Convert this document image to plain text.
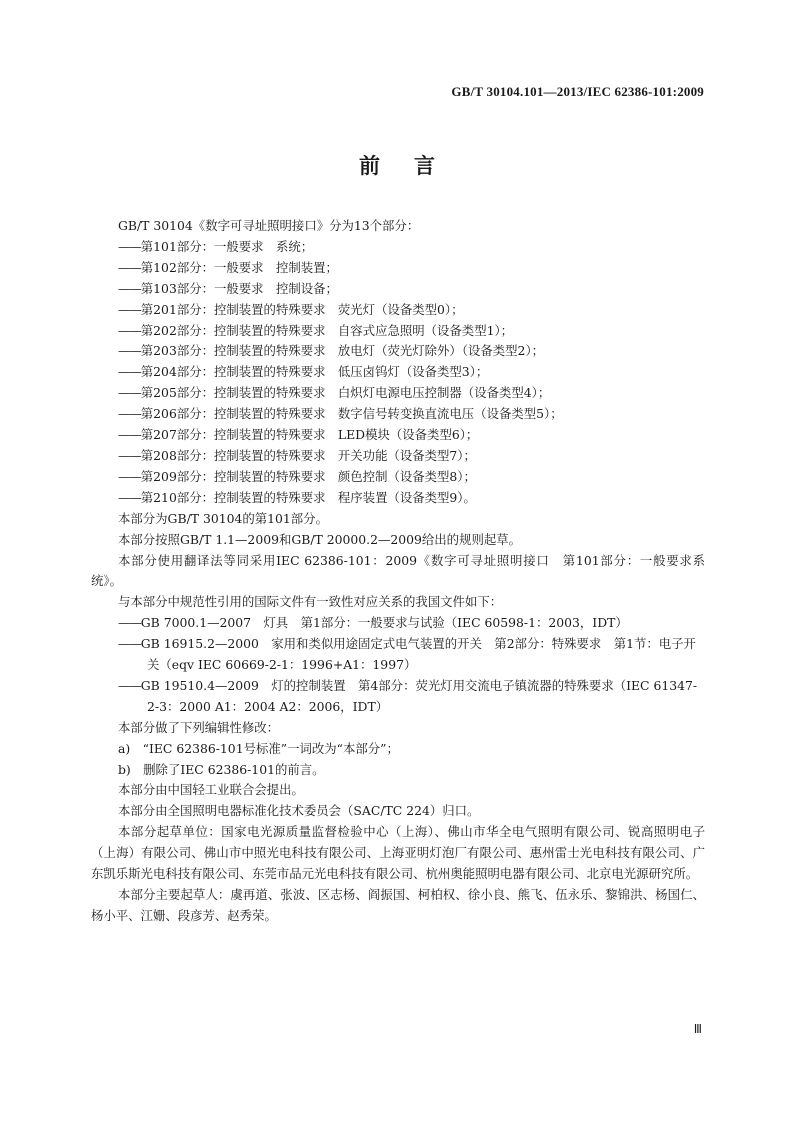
GB/T 30104.101—2013/IEC 62386-101:2009
前言

GB/T 30104《数字可寻址照明接口》分为13个部分：

——第101部分：一般要求　系统；

——第102部分：一般要求　控制装置；

——第103部分：一般要求　控制设备；

——第201部分：控制装置的特殊要求　荧光灯（设备类型0）；

——第202部分：控制装置的特殊要求　自容式应急照明（设备类型1）；

——第203部分：控制装置的特殊要求　放电灯（荧光灯除外）（设备类型2）；

——第204部分：控制装置的特殊要求　低压卤钨灯（设备类型3）；

——第205部分：控制装置的特殊要求　白炽灯电源电压控制器（设备类型4）；

——第206部分：控制装置的特殊要求　数字信号转变换直流电压（设备类型5）；

——第207部分：控制装置的特殊要求　LED模块（设备类型6）；

——第208部分：控制装置的特殊要求　开关功能（设备类型7）；

——第209部分：控制装置的特殊要求　颜色控制（设备类型8）；

——第210部分：控制装置的特殊要求　程序装置（设备类型9）。

本部分为GB/T 30104的第101部分。

本部分按照GB/T 1.1—2009和GB/T 20000.2—2009给出的规则起草。

本部分使用翻译法等同采用IEC 62386-101：2009《数字可寻址照明接口　第101部分：一般要求系统》。

与本部分中规范性引用的国际文件有一致性对应关系的我国文件如下：

——GB 7000.1—2007　灯具　第1部分：一般要求与试验（IEC 60598-1：2003，IDT）

——GB 16915.2—2000　家用和类似用途固定式电气装置的开关　第2部分：特殊要求　第1节：电子开关（eqv IEC 60669-2-1：1996+A1：1997）

——GB 19510.4—2009　灯的控制装置　第4部分：荧光灯用交流电子镇流器的特殊要求（IEC 61347-2-3：2000 A1：2004 A2：2006，IDT）

本部分做了下列编辑性修改：

a)　 “IEC 62386-101号标准”一词改为“本部分”；

b)　 删除了IEC 62386-101的前言。

本部分由中国轻工业联合会提出。

本部分由全国照明电器标准化技术委员会（SAC/TC 224）归口。

本部分起草单位：国家电光源质量监督检验中心（上海）、佛山市华全电气照明有限公司、锐高照明电子（上海）有限公司、佛山市中照光电科技有限公司、上海亚明灯泡厂有限公司、惠州雷士光电科技有限公司、广东凯乐斯光电科技有限公司、东莞市品元光电科技有限公司、杭州奥能照明电器有限公司、北京电光源研究所。

本部分主要起草人：虞再道、张波、区志杨、阎振国、柯柏权、徐小良、熊飞、伍永乐、黎锦洪、杨国仁、杨小平、江姗、段彦芳、赵秀荣。

Ⅲ
